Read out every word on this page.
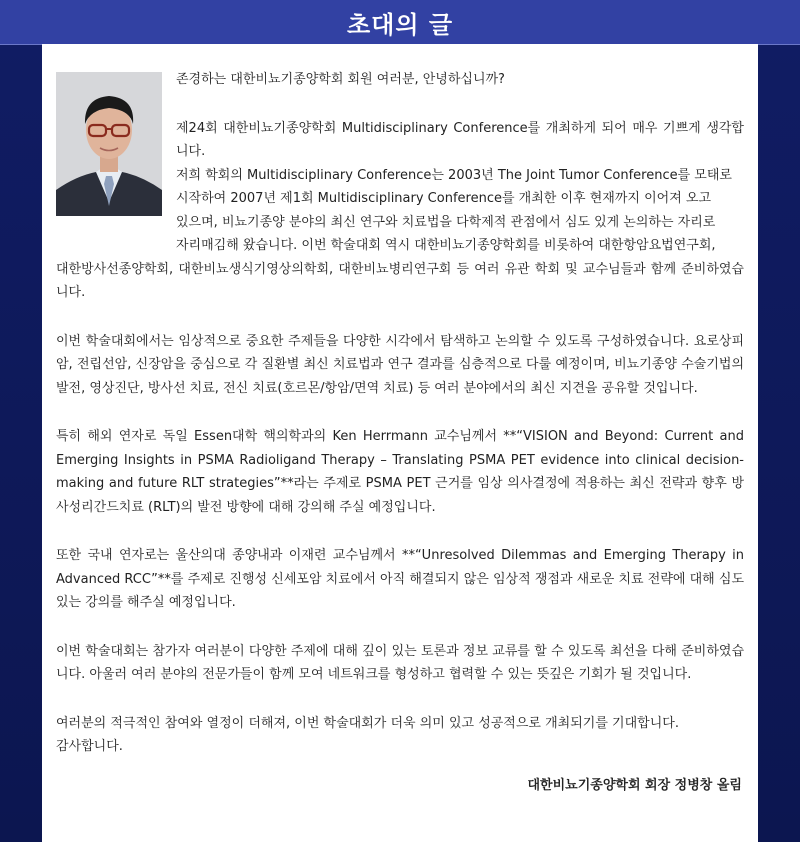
초대의 글

존경하는 대한비뇨기종양학회 회원 여러분, 안녕하십니까?

제24회 대한비뇨기종양학회 Multidisciplinary Conference를 개최하게 되어 매우 기쁘게 생각합니다.

저희 학회의 Multidisciplinary Conference는 2003년 The Joint Tumor Conference를 모태로

시작하여 2007년 제1회 Multidisciplinary Conference를 개최한 이후 현재까지 이어져 오고

있으며, 비뇨기종양 분야의 최신 연구와 치료법을 다학제적 관점에서 심도 있게 논의하는 자리로

자리매김해 왔습니다. 이번 학술대회 역시 대한비뇨기종양학회를 비롯하여 대한항암요법연구회,

대한방사선종양학회, 대한비뇨생식기영상의학회, 대한비뇨병리연구회 등 여러 유관 학회 및 교수님들과 함께 준비하였습니다.

이번 학술대회에서는 임상적으로 중요한 주제들을 다양한 시각에서 탐색하고 논의할 수 있도록 구성하였습니다. 요로상피암, 전립선암, 신장암을 중심으로 각 질환별 최신 치료법과 연구 결과를 심층적으로 다룰 예정이며, 비뇨기종양 수술기법의 발전, 영상진단, 방사선 치료, 전신 치료(호르몬/항암/면역 치료) 등 여러 분야에서의 최신 지견을 공유할 것입니다.

특히 해외 연자로 독일 Essen대학 핵의학과의 Ken Herrmann 교수님께서 **“VISION and Beyond: Current and Emerging Insights in PSMA Radioligand Therapy – Translating PSMA PET evidence into clinical decision-making and future RLT strategies”**라는 주제로 PSMA PET 근거를 임상 의사결정에 적용하는 최신 전략과 향후 방사성리간드치료 (RLT)의 발전 방향에 대해 강의해 주실 예정입니다.

또한 국내 연자로는 울산의대 종양내과 이재련 교수님께서 **“Unresolved Dilemmas and Emerging Therapy in Advanced RCC”**를 주제로 진행성 신세포암 치료에서 아직 해결되지 않은 임상적 쟁점과 새로운 치료 전략에 대해 심도 있는 강의를 해주실 예정입니다.

이번 학술대회는 참가자 여러분이 다양한 주제에 대해 깊이 있는 토론과 정보 교류를 할 수 있도록 최선을 다해 준비하였습니다. 아울러 여러 분야의 전문가들이 함께 모여 네트워크를 형성하고 협력할 수 있는 뜻깊은 기회가 될 것입니다.

여러분의 적극적인 참여와 열정이 더해져, 이번 학술대회가 더욱 의미 있고 성공적으로 개최되기를 기대합니다.

감사합니다.

대한비뇨기종양학회 회장 정병창 올림
